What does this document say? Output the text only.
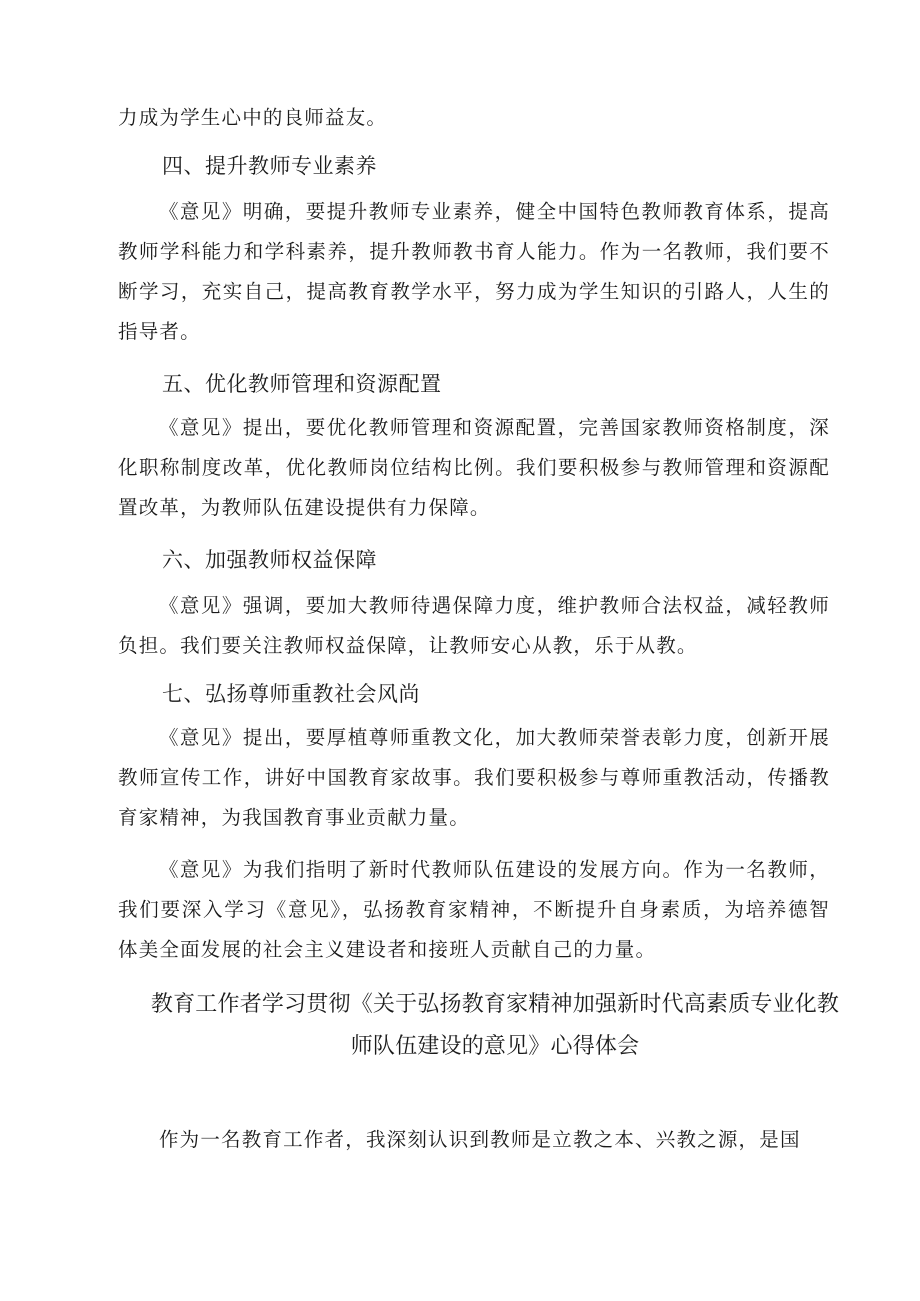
力成为学生心中的良师益友。

四、提升教师专业素养

《意见》明确，要提升教师专业素养，健全中国特色教师教育体系，提高教师学科能力和学科素养，提升教师教书育人能力。作为一名教师，我们要不断学习，充实自己，提高教育教学水平，努力成为学生知识的引路人，人生的指导者。

五、优化教师管理和资源配置

《意见》提出，要优化教师管理和资源配置，完善国家教师资格制度，深化职称制度改革，优化教师岗位结构比例。我们要积极参与教师管理和资源配置改革，为教师队伍建设提供有力保障。

六、加强教师权益保障

《意见》强调，要加大教师待遇保障力度，维护教师合法权益，减轻教师负担。我们要关注教师权益保障，让教师安心从教，乐于从教。

七、弘扬尊师重教社会风尚

《意见》提出，要厚植尊师重教文化，加大教师荣誉表彰力度，创新开展教师宣传工作，讲好中国教育家故事。我们要积极参与尊师重教活动，传播教育家精神，为我国教育事业贡献力量。

《意见》为我们指明了新时代教师队伍建设的发展方向。作为一名教师，我们要深入学习《意见》，弘扬教育家精神，不断提升自身素质，为培养德智体美全面发展的社会主义建设者和接班人贡献自己的力量。

教育工作者学习贯彻《关于弘扬教育家精神加强新时代高素质专业化教师队伍建设的意见》心得体会

作为一名教育工作者，我深刻认识到教师是立教之本、兴教之源，是国
